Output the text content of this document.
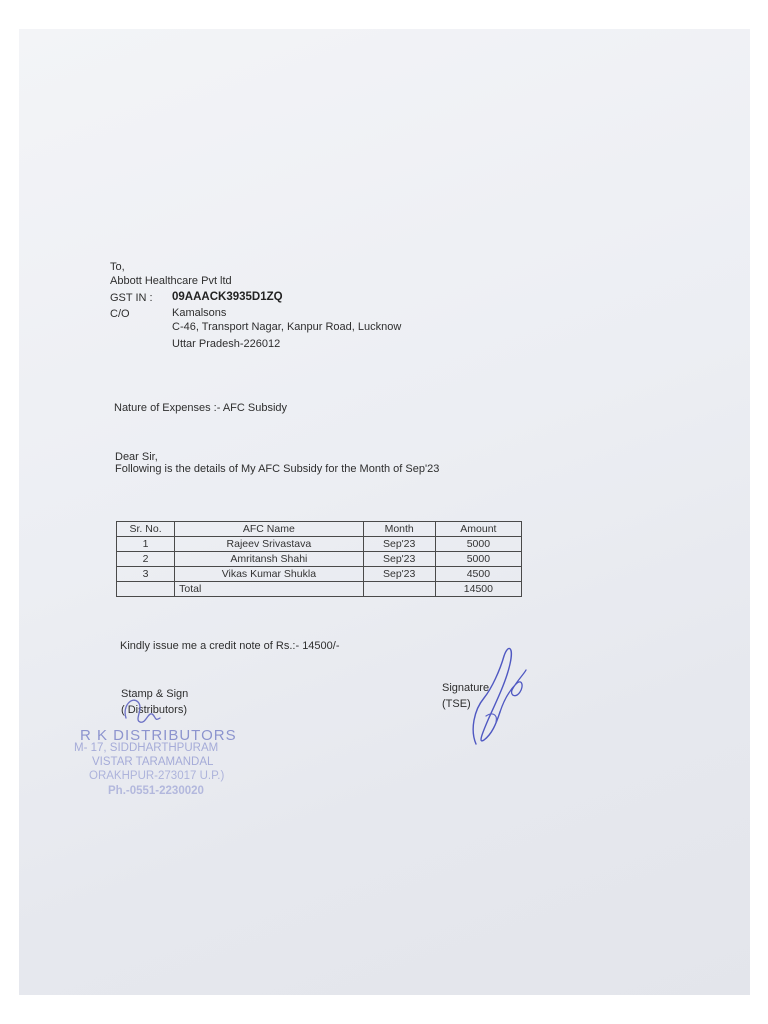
To,
Abbott Healthcare Pvt ltd
GST IN : 09AAACK3935D1ZQ
C/O	Kamalsons
C-46, Transport Nagar, Kanpur Road, Lucknow
Uttar Pradesh-226012
Nature of Expenses :- AFC Subsidy
Dear Sir,
Following is the details of My AFC Subsidy for the Month of Sep'23
Sr. No.	AFC Name	Month	Amount
1	Rajeev Srivastava	Sep'23	5000
2	Amritansh Shahi	Sep'23	5000
3	Vikas Kumar Shukla	Sep'23	4500
	Total		14500
Kindly issue me a credit note of Rs.:- 14500/-
Stamp & Sign
( Distributors)
Signature
(TSE)
R K DISTRIBUTORS
M- 17, SIDDHARTHPURAM
VISTAR TARAMANDAL
ORAKHPUR-273017 U.P.)
Ph.-0551-2230020
